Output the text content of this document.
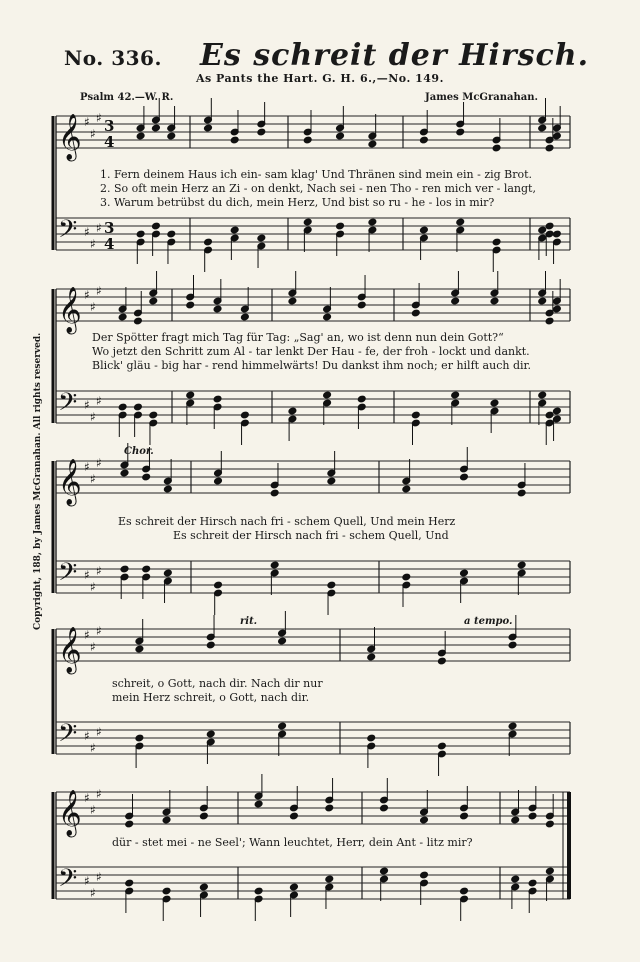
No. 336. Es schreit der Hirsch.
As Pants the Hart. G. H. 6.,—No. 149.
Psalm 42.—W. R.	James McGranahan.
Copyright, 188, by James McGranahan. All rights reserved.
𝄞
𝄢
♯
♯
♯
♯
♯
♯
3
4
3
4
𝄞
𝄢
♯
♯
♯
♯
♯
♯
𝄞
𝄢
♯
♯
♯
♯
♯
♯
𝄞
𝄢
♯
♯
♯
♯
♯
♯
𝄞
𝄢
♯
♯
♯
♯
♯
♯
1. Fern deinem Haus ich ein- sam klag' Und Thränen sind mein ein - zig Brot.
2. So oft mein Herz an Zi - on denkt, Nach sei - nen Tho - ren mich ver - langt,
3. Warum betrübst du dich, mein Herz, Und bist so ru - he - los in mir?
Der Spötter fragt mich Tag für Tag: „Sag' an, wo ist denn nun dein Gott?“
Wo jetzt den Schritt zum Al - tar lenkt Der Hau - fe, der froh - lockt und dankt.
Blick' gläu - big har - rend himmelwärts! Du dankst ihm noch; er hilft auch dir.
Chor.
Es schreit der Hirsch nach fri - schem Quell, Und mein Herz
Es schreit der Hirsch nach fri - schem Quell, Und
rit.	a tempo.
schreit, o Gott, nach dir. Nach dir nur
mein Herz schreit, o Gott, nach dir.
dür - stet mei - ne Seel'; Wann leuchtet, Herr, dein Ant - litz mir?
